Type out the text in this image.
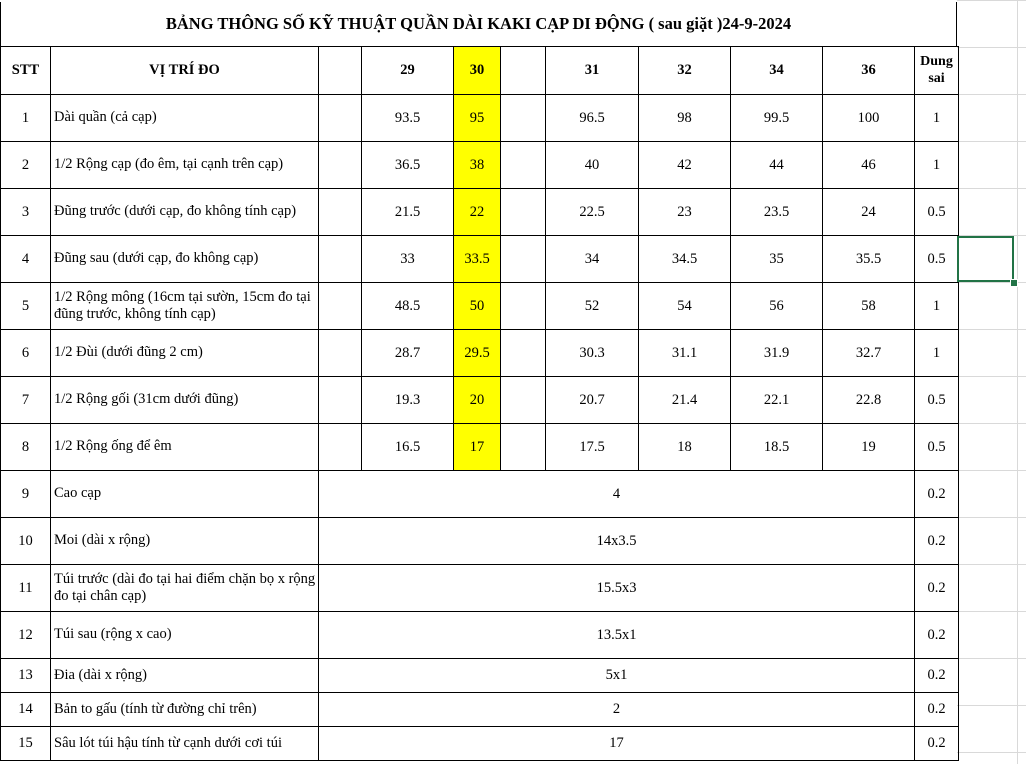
BẢNG THÔNG SỐ KỸ THUẬT QUẦN DÀI KAKI CẠP DI ĐỘNG ( sau giặt )24-9-2024
STT	VỊ TRÍ ĐO		29	30		31	32	34	36	Dung sai
1	Dài quần (cả cạp)		93.5	95		96.5	98	99.5	100	1
2	1/2 Rộng cạp (đo êm, tại cạnh trên cạp)		36.5	38		40	42	44	46	1
3	Đũng trước (dưới cạp, đo không tính cạp)		21.5	22		22.5	23	23.5	24	0.5
4	Đũng sau (dưới cạp, đo không cạp)		33	33.5		34	34.5	35	35.5	0.5
5	1/2 Rộng mông (16cm tại sườn, 15cm đo tại đũng trước, không tính cạp)		48.5	50		52	54	56	58	1
6	1/2 Đùi (dưới đũng 2 cm)		28.7	29.5		30.3	31.1	31.9	32.7	1
7	1/2 Rộng gối (31cm dưới đũng)		19.3	20		20.7	21.4	22.1	22.8	0.5
8	1/2 Rộng ống để êm		16.5	17		17.5	18	18.5	19	0.5
9	Cao cạp	4								0.2
10	Moi (dài x rộng)	14x3.5								0.2
11	Túi trước (dài đo tại hai điểm chặn bọ x rộng đo tại chân cạp)	15.5x3								0.2
12	Túi sau (rộng x cao)	13.5x1								0.2
13	Đia (dài x rộng)	5x1								0.2
14	Bản to gấu (tính từ đường chỉ trên)	2								0.2
15	Sâu lót túi hậu tính từ cạnh dưới cơi túi	17								0.2
